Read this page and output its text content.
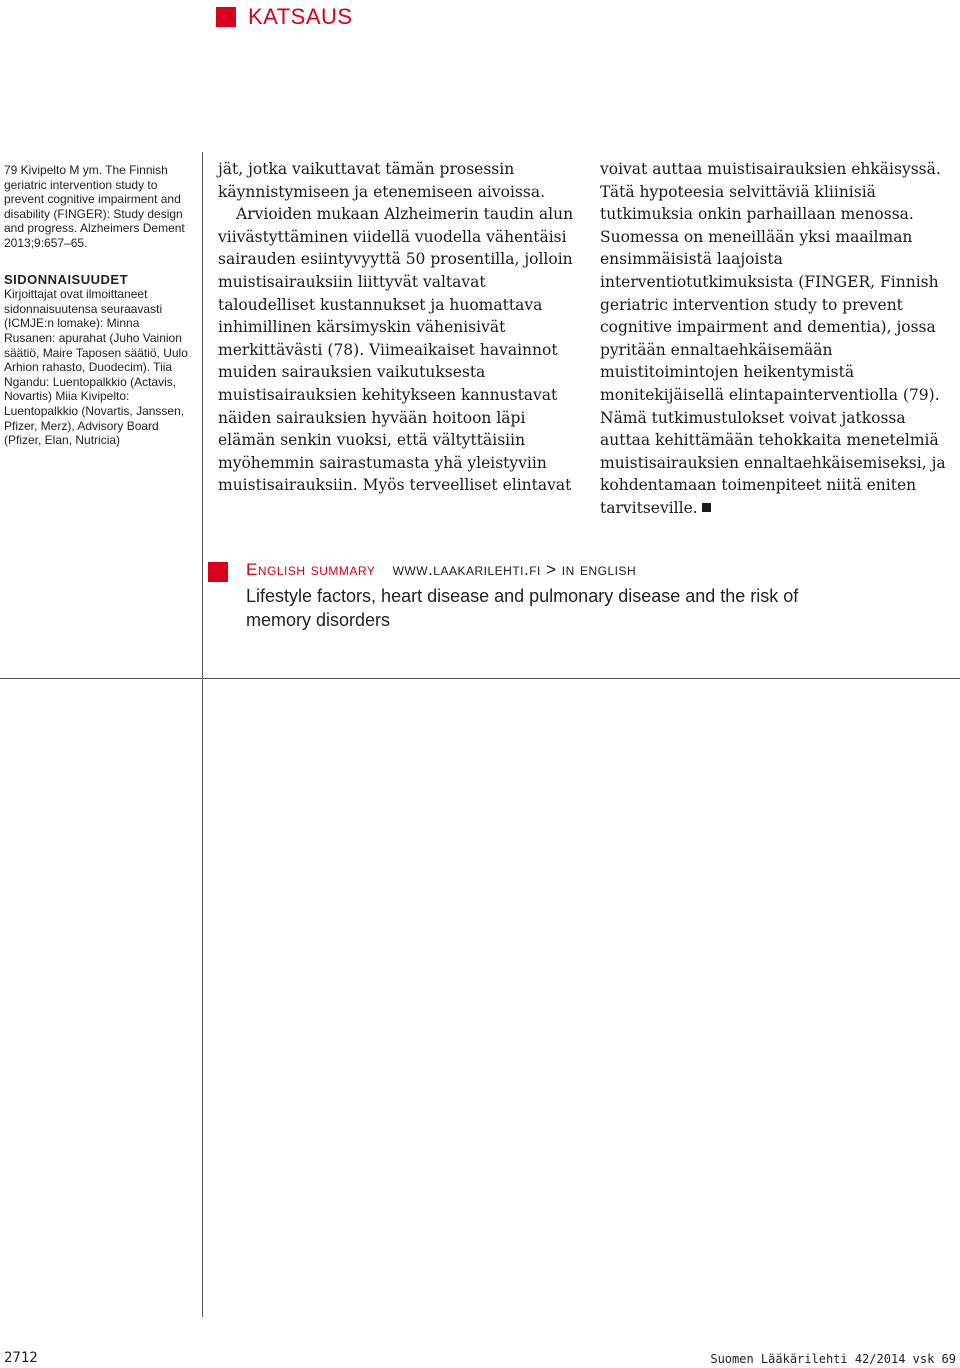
KATSAUS

79 Kivipelto M ym. The Finnish geriatric intervention study to prevent cognitive impairment and disability (FINGER): Study design and progress. Alzheimers Dement 2013;9:657–65.

SIDONNAISUUDET

Kirjoittajat ovat ilmoittaneet sidonnaisuutensa seuraavasti (ICMJE:n lomake): Minna Rusanen: apurahat (Juho Vainion säätiö, Maire Taposen säätiö, Uulo Arhion rahasto, Duodecim). Tiia Ngandu: Luentopalkkio (Actavis, Novartis) Miia Kivipelto: Luentopalkkio (Novartis, Janssen, Pfizer, Merz), Advisory Board (Pfizer, Elan, Nutricia)

jät, jotka vaikuttavat tämän prosessin käynnistymiseen ja etenemiseen aivoissa.

Arvioiden mukaan Alzheimerin taudin alun viivästyttäminen viidellä vuodella vähentäisi sairauden esiintyvyyttä 50 prosentilla, jolloin muistisairauksiin liittyvät valtavat taloudelliset kustannukset ja huomattava inhimillinen kärsimyskin vähenisivät merkittävästi (78). Viimeaikaiset havainnot muiden sairauksien vaikutuksesta muistisairauksien kehitykseen kannustavat näiden sairauksien hyvään hoitoon läpi elämän senkin vuoksi, että vältyttäisiin myöhemmin sairastumasta yhä yleistyviin muistisairauksiin. Myös terveelliset elintavat

voivat auttaa muistisairauksien ehkäisyssä. Tätä hypoteesia selvittäviä kliinisiä tutkimuksia onkin parhaillaan menossa. Suomessa on meneillään yksi maailman ensimmäisistä laajoista interventiotutkimuksista (FINGER, Finnish geriatric intervention study to prevent cognitive impairment and dementia), jossa pyritään ennaltaehkäisemään muistitoimintojen heikentymistä monitekijäisellä elintapainterventiolla (79). Nämä tutkimustulokset voivat jatkossa auttaa kehittämään tehokkaita menetelmiä muistisairauksien ennaltaehkäisemiseksi, ja kohdentamaan toimenpiteet niitä eniten tarvitseville.

English summary www.laakarilehti.fi > in english
Lifestyle factors, heart disease and pulmonary disease and the risk of memory disorders
2712	Suomen Lääkärilehti 42/2014 vsk 69
